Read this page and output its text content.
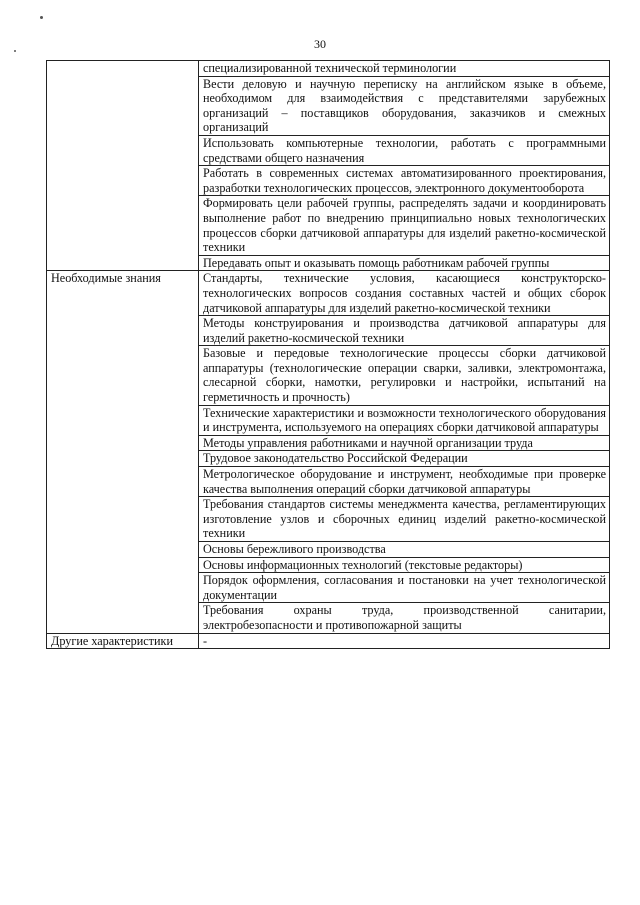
30
	специализированной технической терминологии
	Вести деловую и научную переписку на английском языке в объеме, необходимом для взаимодействия с представителями зарубежных организаций – поставщиков оборудования, заказчиков и смежных организаций
	Использовать компьютерные технологии, работать с программными средствами общего назначения
	Работать в современных системах автоматизированного проектирования, разработки технологических процессов, электронного документооборота
	Формировать цели рабочей группы, распределять задачи и координировать выполнение работ по внедрению принципиально новых технологических процессов сборки датчиковой аппаратуры для изделий ракетно-космической техники
	Передавать опыт и оказывать помощь работникам рабочей группы
Необходимые знания	Стандарты, технические условия, касающиеся конструкторско-технологических вопросов создания составных частей и общих сборок датчиковой аппаратуры для изделий ракетно-космической техники
	Методы конструирования и производства датчиковой аппаратуры для изделий ракетно-космической техники
	Базовые и передовые технологические процессы сборки датчиковой аппаратуры (технологические операции сварки, заливки, электромонтажа, слесарной сборки, намотки, регулировки и настройки, испытаний на герметичность и прочность)
	Технические характеристики и возможности технологического оборудования и инструмента, используемого на операциях сборки датчиковой аппаратуры
	Методы управления работниками и научной организации труда
	Трудовое законодательство Российской Федерации
	Метрологическое оборудование и инструмент, необходимые при проверке качества выполнения операций сборки датчиковой аппаратуры
	Требования стандартов системы менеджмента качества, регламентирующих изготовление узлов и сборочных единиц изделий ракетно-космической техники
	Основы бережливого производства
	Основы информационных технологий (текстовые редакторы)
	Порядок оформления, согласования и постановки на учет технологической документации
	Требования охраны труда, производственной санитарии, электробезопасности и противопожарной защиты
Другие характеристики	-
